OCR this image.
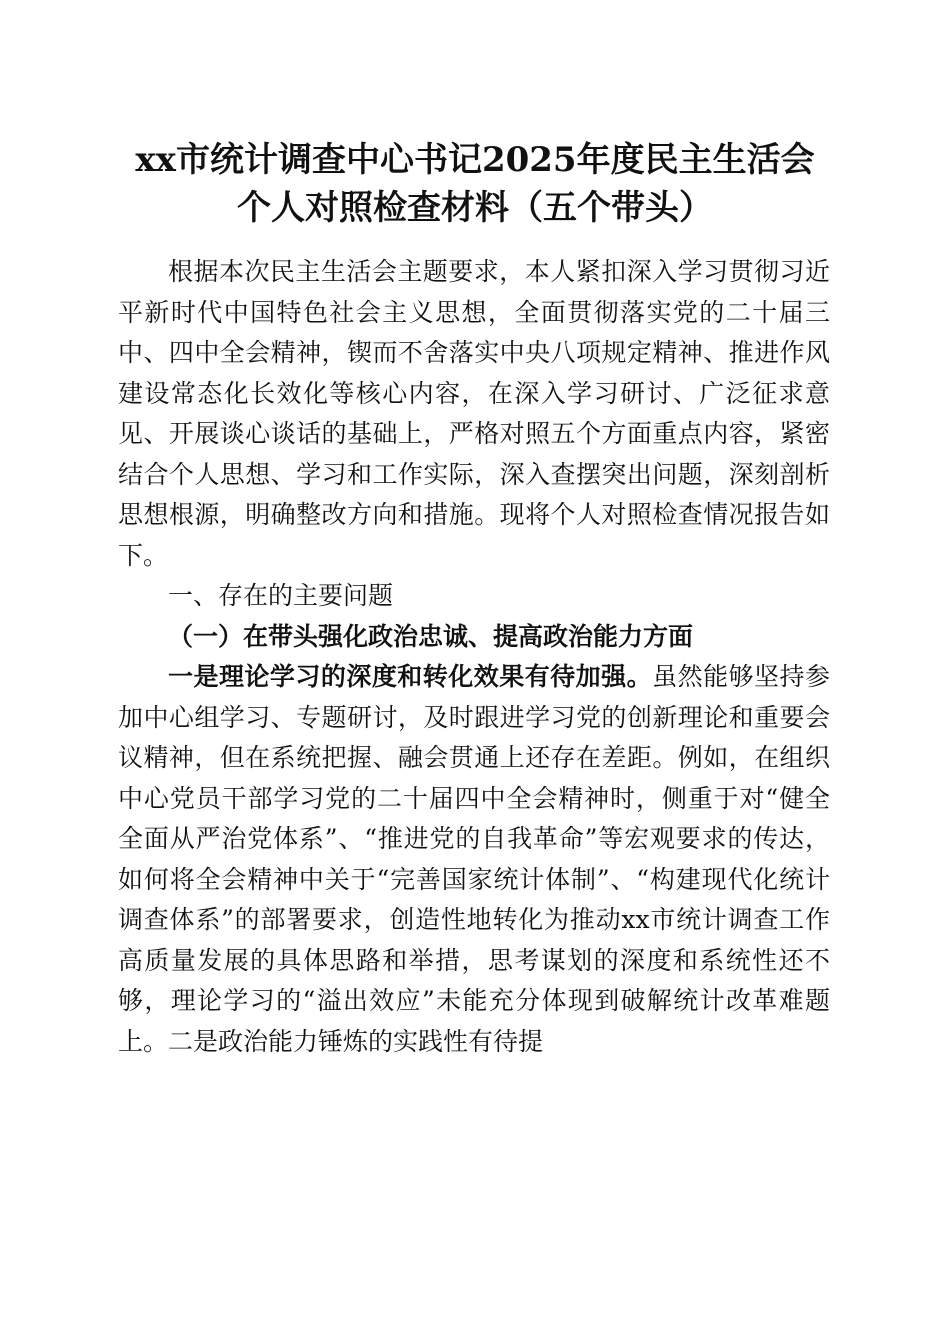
xx市统计调查中心书记2025年度民主生活会
个人对照检查材料（五个带头）

根据本次民主生活会主题要求，本人紧扣深入学习贯彻习近平新时代中国特色社会主义思想，全面贯彻落实党的二十届三中、四中全会精神，锲而不舍落实中央八项规定精神、推进作风建设常态化长效化等核心内容，在深入学习研讨、广泛征求意见、开展谈心谈话的基础上，严格对照五个方面重点内容，紧密结合个人思想、学习和工作实际，深入查摆突出问题，深刻剖析思想根源，明确整改方向和措施。现将个人对照检查情况报告如下。

一、存在的主要问题

（一）在带头强化政治忠诚、提高政治能力方面

一是理论学习的深度和转化效果有待加强。虽然能够坚持参加中心组学习、专题研讨，及时跟进学习党的创新理论和重要会议精神，但在系统把握、融会贯通上还存在差距。例如，在组织中心党员干部学习党的二十届四中全会精神时，侧重于对“健全全面从严治党体系”、“推进党的自我革命”等宏观要求的传达，如何将全会精神中关于“完善国家统计体制”、“构建现代化统计调查体系”的部署要求，创造性地转化为推动xx市统计调查工作高质量发展的具体思路和举措，思考谋划的深度和系统性还不够，理论学习的“溢出效应”未能充分体现到破解统计改革难题上。二是政治能力锤炼的实践性有待提
